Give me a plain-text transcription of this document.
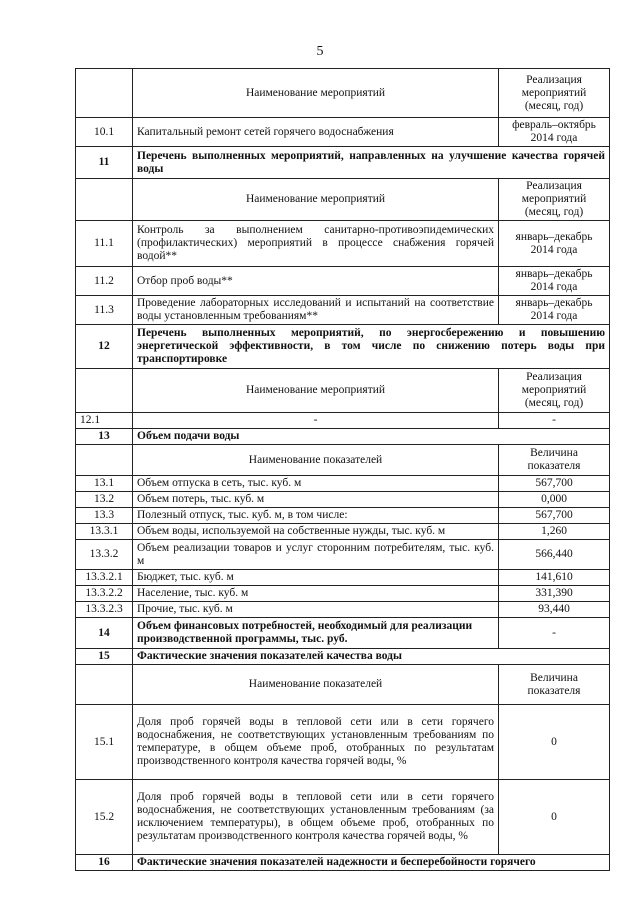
5
	Наименование мероприятий	Реализация мероприятий (месяц, год)
10.1	Капитальный ремонт сетей горячего водоснабжения	февраль–октябрь 2014 года
11	Перечень выполненных мероприятий, направленных на улучшение качества горячей воды	
	Наименование мероприятий	Реализация мероприятий (месяц, год)
11.1	Контроль за выполнением санитарно-противоэпидемических (профилактических) мероприятий в процессе снабжения горячей водой**	январь–декабрь 2014 года
11.2	Отбор проб воды**	январь–декабрь 2014 года
11.3	Проведение лабораторных исследований и испытаний на соответствие воды установленным требованиям**	январь–декабрь 2014 года
12	Перечень выполненных мероприятий, по энергосбережению и повышению энергетической эффективности, в том числе по снижению потерь воды при транспортировке	
	Наименование мероприятий	Реализация мероприятий (месяц, год)
12.1	-	-
13	Объем подачи воды	
	Наименование показателей	Величина показателя
13.1	Объем отпуска в сеть, тыс. куб. м	567,700
13.2	Объем потерь, тыс. куб. м	0,000
13.3	Полезный отпуск, тыс. куб. м, в том числе:	567,700
13.3.1	Объем воды, используемой на собственные нужды, тыс. куб. м	1,260
13.3.2	Объем реализации товаров и услуг сторонним потребителям, тыс. куб. м	566,440
13.3.2.1	Бюджет, тыс. куб. м	141,610
13.3.2.2	Население, тыс. куб. м	331,390
13.3.2.3	Прочие, тыс. куб. м	93,440
14	Объем финансовых потребностей, необходимый для реализации производственной программы, тыс. руб.	-
15	Фактические значения показателей качества воды	
	Наименование показателей	Величина показателя
15.1	Доля проб горячей воды в тепловой сети или в сети горячего водоснабжения, не соответствующих установленным требованиям по температуре, в общем объеме проб, отобранных по результатам производственного контроля качества горячей воды, %	0
15.2	Доля проб горячей воды в тепловой сети или в сети горячего водоснабжения, не соответствующих установленным требованиям (за исключением температуры), в общем объеме проб, отобранных по результатам производственного контроля качества горячей воды, %	0
16	Фактические значения показателей надежности и бесперебойности горячего	
